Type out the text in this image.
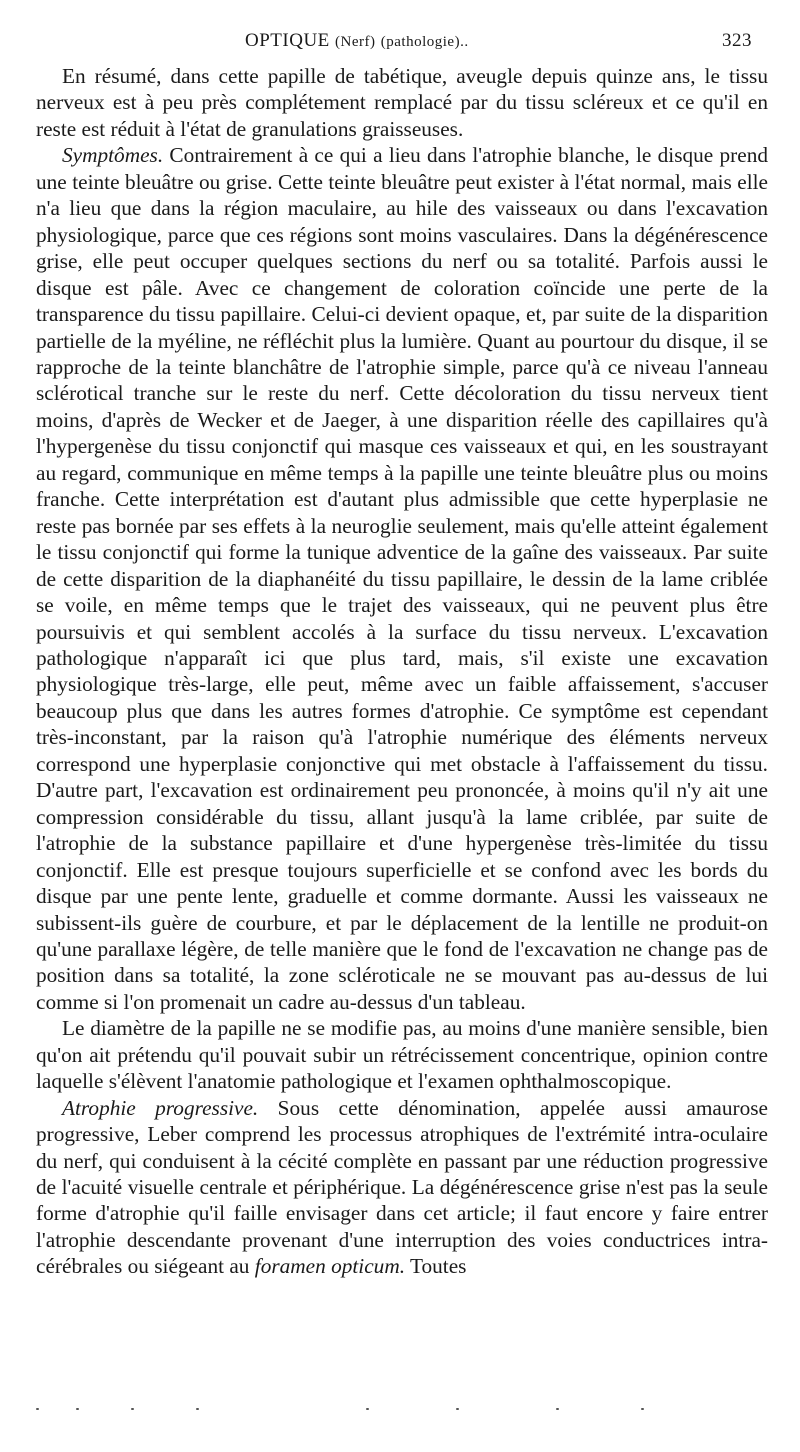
OPTIQUE (Nerf) (pathologie)..	323

En résumé, dans cette papille de tabétique, aveugle depuis quinze ans, le tissu nerveux est à peu près complétement remplacé par du tissu scléreux et ce qu'il en reste est réduit à l'état de granulations graisseuses.

Symptômes. Contrairement à ce qui a lieu dans l'atrophie blanche, le disque prend une teinte bleuâtre ou grise. Cette teinte bleuâtre peut exister à l'état normal, mais elle n'a lieu que dans la région maculaire, au hile des vaisseaux ou dans l'excavation physiologique, parce que ces régions sont moins vasculaires. Dans la dégénérescence grise, elle peut occuper quelques sections du nerf ou sa totalité. Parfois aussi le disque est pâle. Avec ce changement de coloration coïncide une perte de la transparence du tissu papillaire. Celui-ci devient opaque, et, par suite de la disparition partielle de la myéline, ne réfléchit plus la lumière. Quant au pourtour du disque, il se rapproche de la teinte blanchâtre de l'atrophie simple, parce qu'à ce niveau l'anneau sclérotical tranche sur le reste du nerf. Cette décoloration du tissu nerveux tient moins, d'après de Wecker et de Jaeger, à une disparition réelle des capillaires qu'à l'hypergenèse du tissu conjonctif qui masque ces vaisseaux et qui, en les soustrayant au regard, communique en même temps à la papille une teinte bleuâtre plus ou moins franche. Cette interprétation est d'autant plus admissible que cette hyperplasie ne reste pas bornée par ses effets à la neuroglie seulement, mais qu'elle atteint également le tissu conjonctif qui forme la tunique adventice de la gaîne des vaisseaux. Par suite de cette disparition de la diaphanéité du tissu papillaire, le dessin de la lame criblée se voile, en même temps que le trajet des vaisseaux, qui ne peuvent plus être poursuivis et qui semblent accolés à la surface du tissu nerveux. L'excavation pathologique n'apparaît ici que plus tard, mais, s'il existe une excavation physiologique très-large, elle peut, même avec un faible affaissement, s'accuser beaucoup plus que dans les autres formes d'atrophie. Ce symptôme est cependant très-inconstant, par la raison qu'à l'atrophie numérique des éléments nerveux correspond une hyperplasie conjonctive qui met obstacle à l'affaissement du tissu. D'autre part, l'excavation est ordinairement peu prononcée, à moins qu'il n'y ait une compression considérable du tissu, allant jusqu'à la lame criblée, par suite de l'atrophie de la substance papillaire et d'une hypergenèse très-limitée du tissu conjonctif. Elle est presque toujours superficielle et se confond avec les bords du disque par une pente lente, graduelle et comme dormante. Aussi les vaisseaux ne subissent-ils guère de courbure, et par le déplacement de la lentille ne produit-on qu'une parallaxe légère, de telle manière que le fond de l'excavation ne change pas de position dans sa totalité, la zone scléroticale ne se mouvant pas au-dessus de lui comme si l'on promenait un cadre au-dessus d'un tableau.

Le diamètre de la papille ne se modifie pas, au moins d'une manière sensible, bien qu'on ait prétendu qu'il pouvait subir un rétrécissement concentrique, opinion contre laquelle s'élèvent l'anatomie pathologique et l'examen ophthalmoscopique.

Atrophie progressive. Sous cette dénomination, appelée aussi amaurose progressive, Leber comprend les processus atrophiques de l'extrémité intra-oculaire du nerf, qui conduisent à la cécité complète en passant par une réduction progressive de l'acuité visuelle centrale et périphérique. La dégénérescence grise n'est pas la seule forme d'atrophie qu'il faille envisager dans cet article; il faut encore y faire entrer l'atrophie descendante provenant d'une interruption des voies conductrices intra-cérébrales ou siégeant au foramen opticum. Toutes
